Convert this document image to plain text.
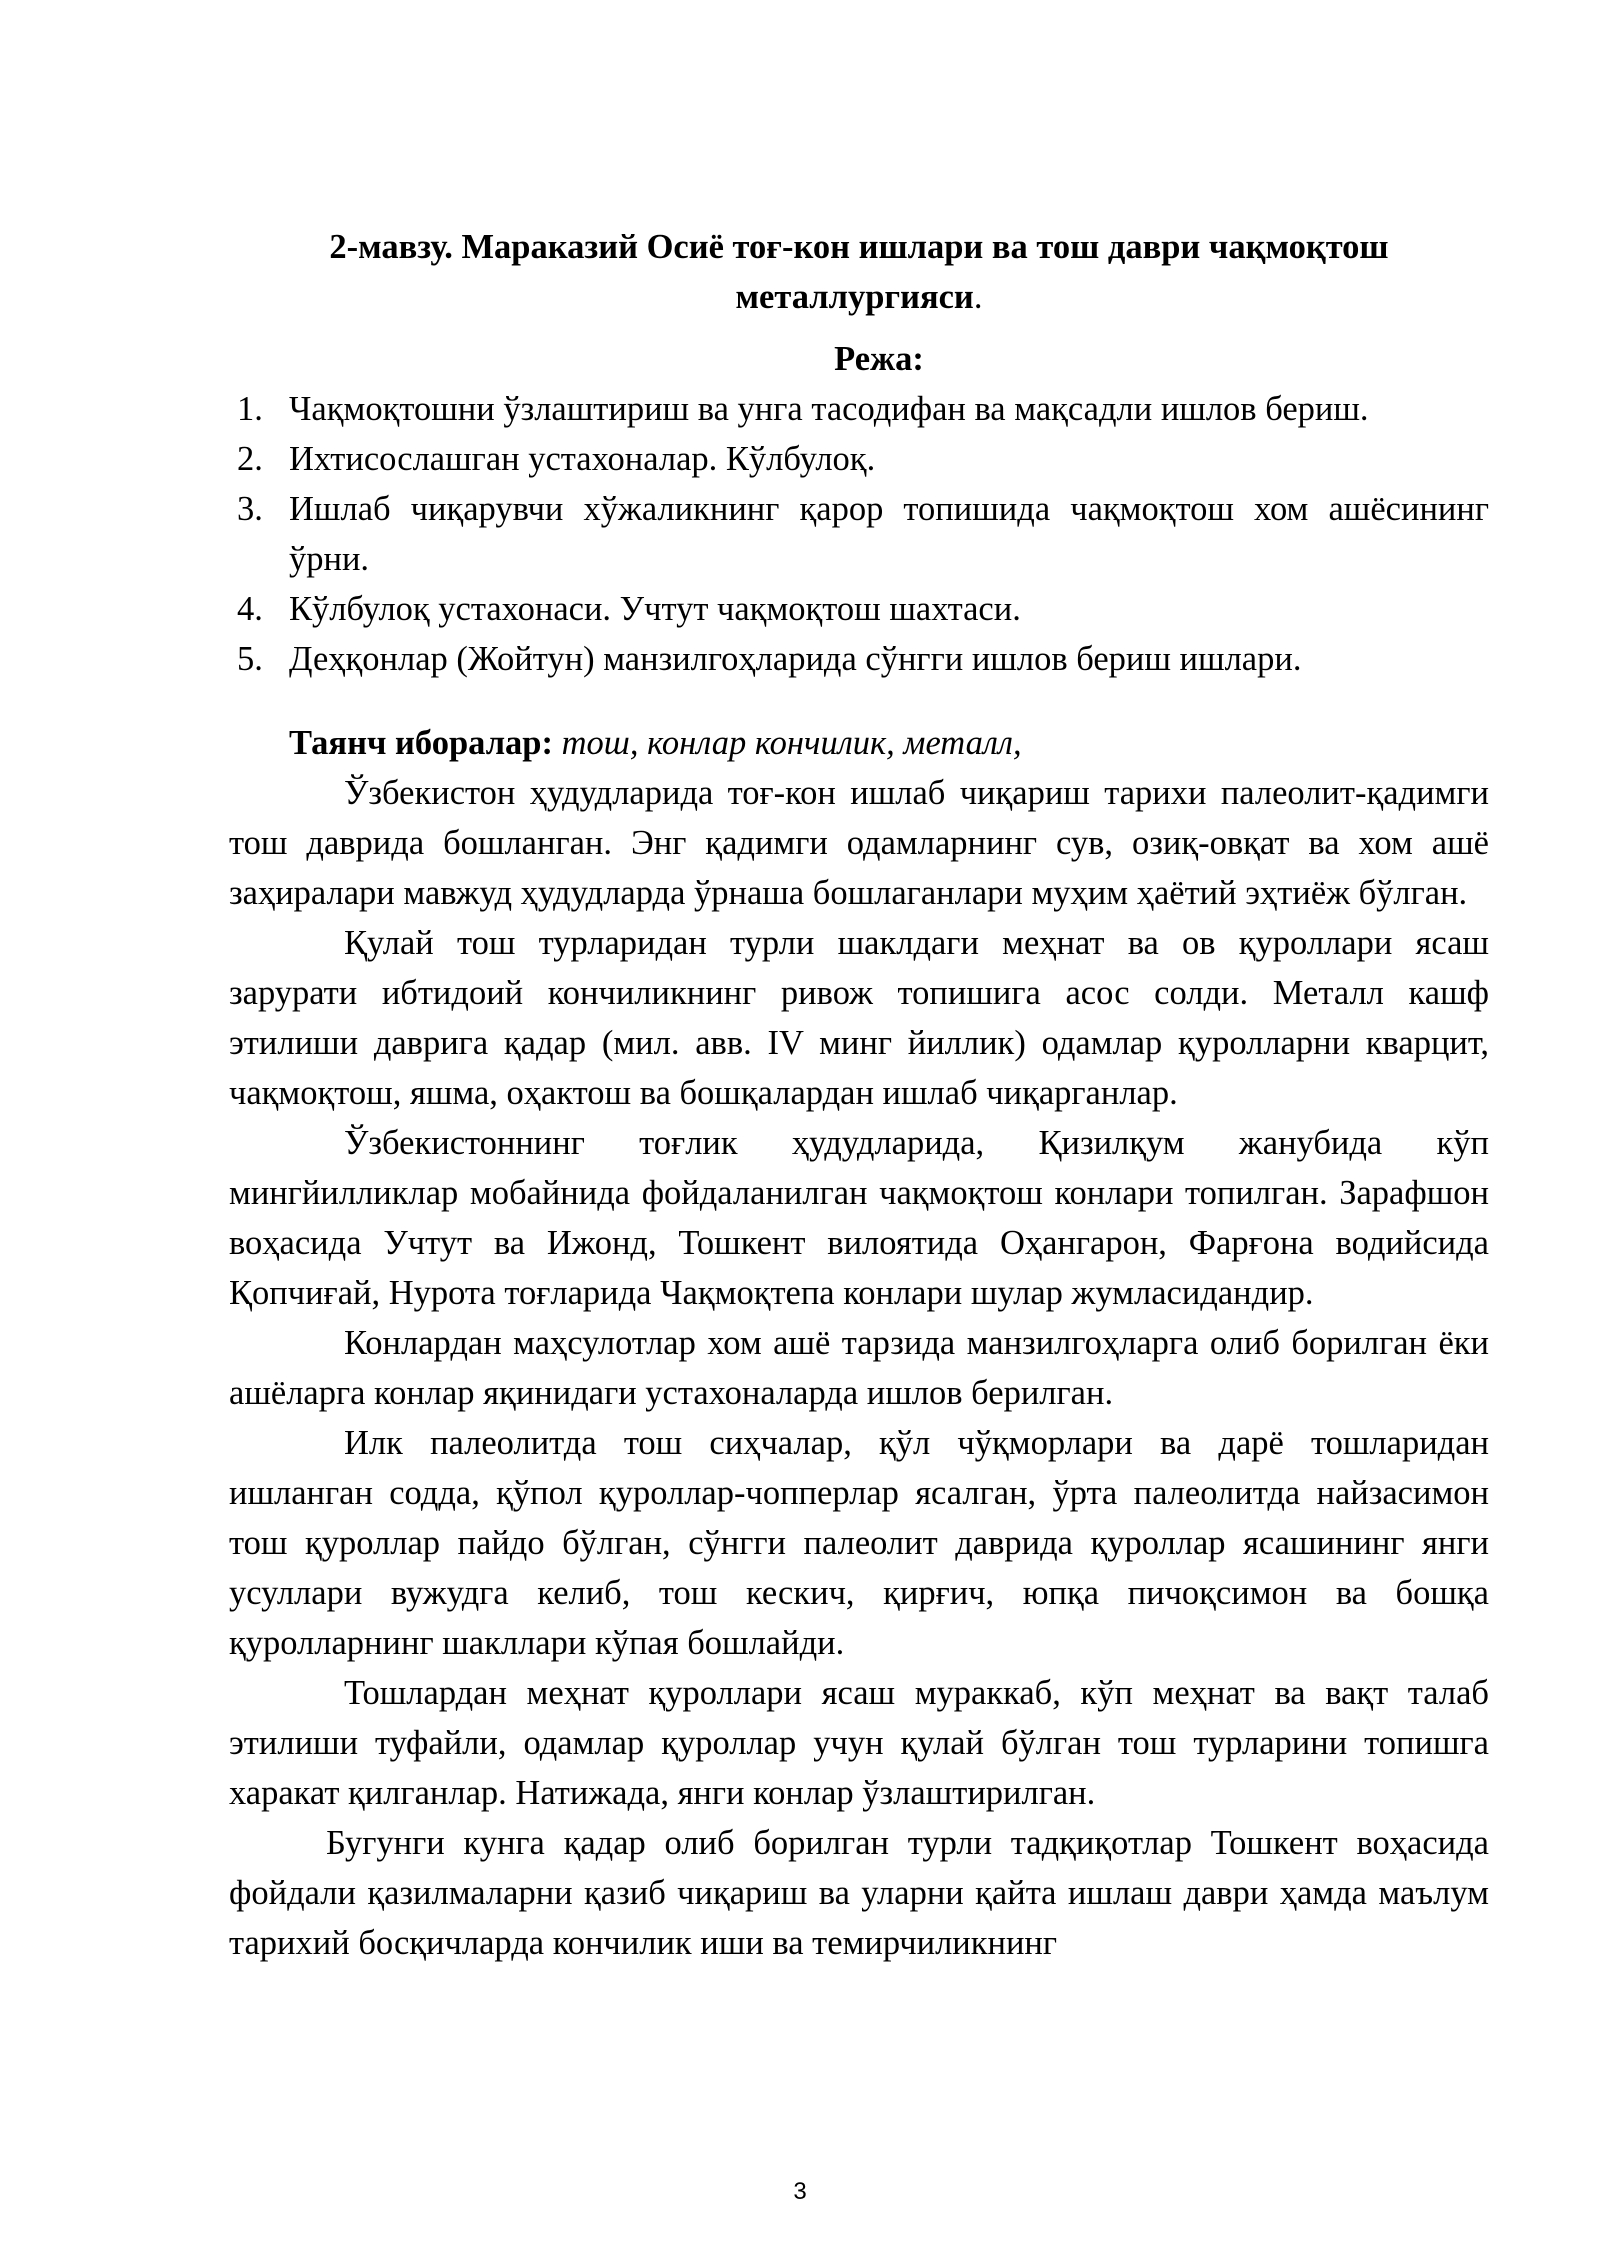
2-мавзу. Мараказий Осиё тоғ-кон ишлари ва тош даври чақмоқтош металлургияси.
Режа:
1. Чақмоқтошни ўзлаштириш ва унга тасодифан ва мақсадли ишлов бериш.
2. Ихтисослашган устахоналар. Кўлбулоқ.
3. Ишлаб чиқарувчи хўжаликнинг қарор топишида чақмоқтош хом ашёсининг ўрни.
4. Кўлбулоқ устахонаси. Учтут чақмоқтош шахтаси.
5. Деҳқонлар (Жойтун) манзилгоҳларида сўнгги ишлов бериш ишлари.
Таянч иборалар: тош, конлар кончилик, металл,

Ўзбекистон ҳудудларида тоғ-кон ишлаб чиқариш тарихи палеолит-қадимги тош даврида бошланган. Энг қадимги одамларнинг сув, озиқ-овқат ва хом ашё заҳиралари мавжуд ҳудудларда ўрнаша бошлаганлари муҳим ҳаётий эҳтиёж бўлган.

Қулай тош турларидан турли шаклдаги меҳнат ва ов қуроллари ясаш зарурати ибтидоий кончиликнинг ривож топишига асос солди. Металл кашф этилиши даврига қадар (мил. авв. IV минг йиллик) одамлар қуролларни кварцит, чақмоқтош, яшма, оҳактош ва бошқалардан ишлаб чиқарганлар.

Ўзбекистоннинг тоғлик ҳудудларида, Қизилқум жанубида кўп мингйилликлар мобайнида фойдаланилган чақмоқтош конлари топилган. Зарафшон воҳасида Учтут ва Ижонд, Тошкент вилоятида Оҳангарон, Фарғона водийсида Қопчиғай, Нурота тоғларида Чақмоқтепа конлари шулар жумласидандир.

Конлардан маҳсулотлар хом ашё тарзида манзилгоҳларга олиб борилган ёки ашёларга конлар яқинидаги устахоналарда ишлов берилган.

Илк палеолитда тош сиҳчалар, қўл чўқморлари ва дарё тошларидан ишланган содда, қўпол қуроллар-чопперлар ясалган, ўрта палеолитда найзасимон тош қуроллар пайдо бўлган, сўнгги палеолит даврида қуроллар ясашининг янги усуллари вужудга келиб, тош кескич, қирғич, юпқа пичоқсимон ва бошқа қуролларнинг шакллари кўпая бошлайди.

Тошлардан меҳнат қуроллари ясаш мураккаб, кўп меҳнат ва вақт талаб этилиши туфайли, одамлар қуроллар учун қулай бўлган тош турларини топишга харакат қилганлар. Натижада, янги конлар ўзлаштирилган.

Бугунги кунга қадар олиб борилган турли тадқиқотлар Тошкент воҳасида фойдали қазилмаларни қазиб чиқариш ва уларни қайта ишлаш даври ҳамда маълум тарихий босқичларда кончилик иши ва темирчиликнинг

3
